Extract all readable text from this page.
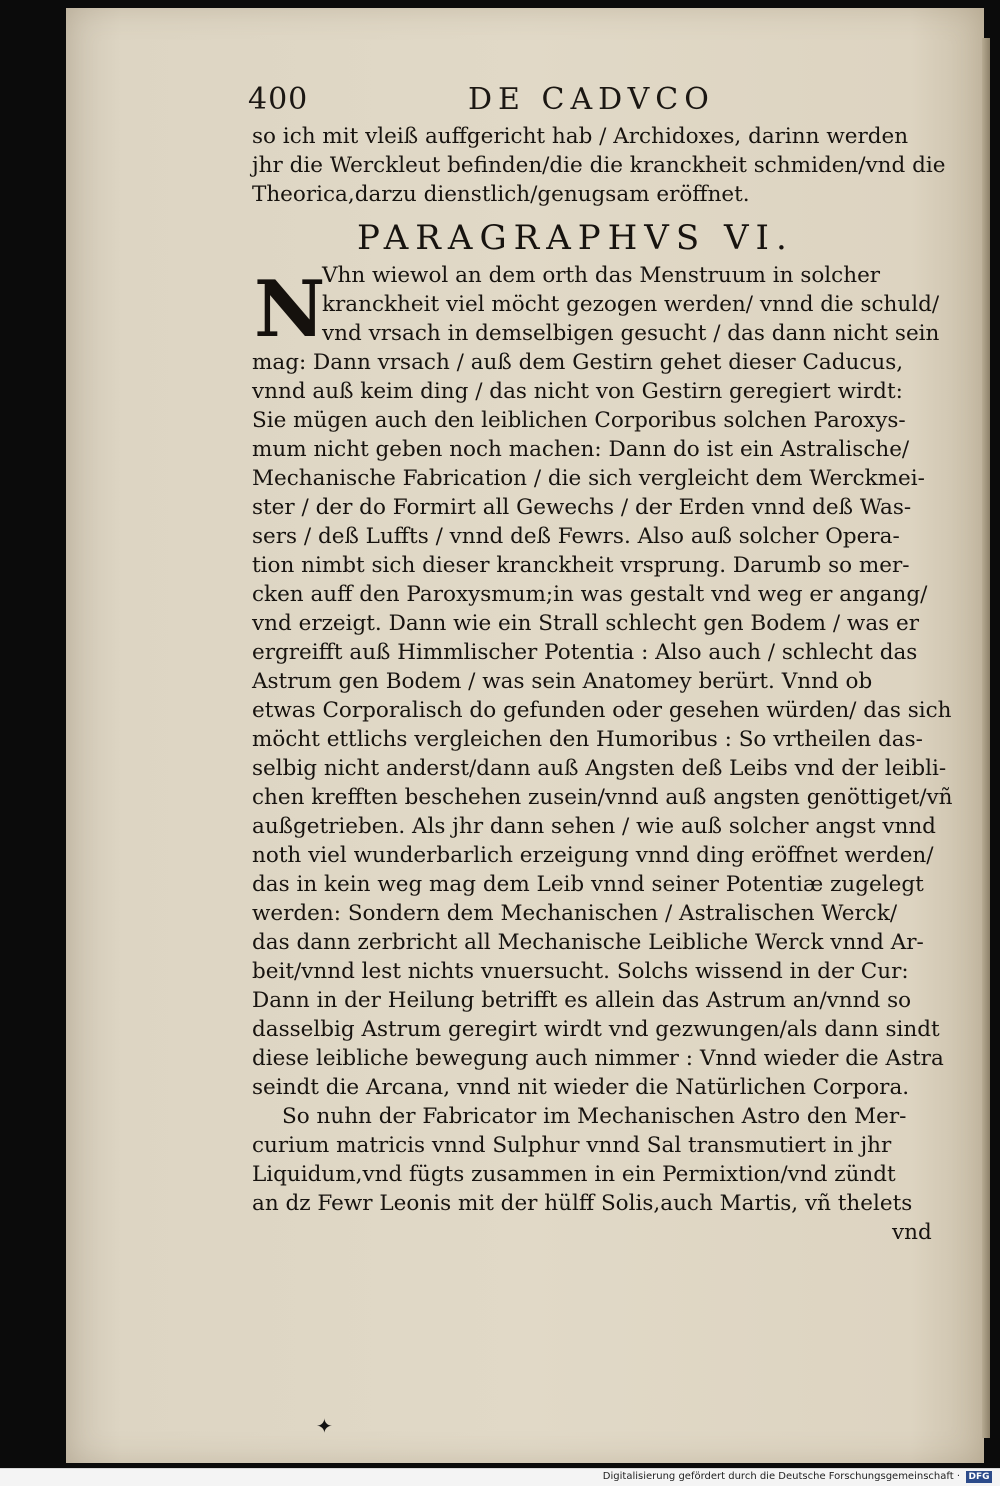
400	DE CADVCO
N
so ich mit vleiß auffgericht hab / Archidoxes, darinn werden
jhr die Werckleut befinden/die die kranckheit schmiden/vnd die
Theorica,darzu dienstlich/genugsam eröffnet.
PARAGRAPHVS VI.
Vhn wiewol an dem orth das Menstruum in solcher
kranckheit viel möcht gezogen werden/ vnnd die schuld/
vnd vrsach in demselbigen gesucht / das dann nicht sein
mag: Dann vrsach / auß dem Gestirn gehet dieser Caducus,
vnnd auß keim ding / das nicht von Gestirn geregiert wirdt:
Sie mügen auch den leiblichen Corporibus solchen Paroxys-
mum nicht geben noch machen: Dann do ist ein Astralische/
Mechanische Fabrication / die sich vergleicht dem Werckmei-
ster / der do Formirt all Gewechs / der Erden vnnd deß Was-
sers / deß Luffts / vnnd deß Fewrs. Also auß solcher Opera-
tion nimbt sich dieser kranckheit vrsprung. Darumb so mer-
cken auff den Paroxysmum;in was gestalt vnd weg er angang/
vnd erzeigt. Dann wie ein Strall schlecht gen Bodem / was er
ergreifft auß Himmlischer Potentia : Also auch / schlecht das
Astrum gen Bodem / was sein Anatomey berürt. Vnnd ob
etwas Corporalisch do gefunden oder gesehen würden/ das sich
möcht ettlichs vergleichen den Humoribus : So vrtheilen das-
selbig nicht anderst/dann auß Angsten deß Leibs vnd der leibli-
chen krefften beschehen zusein/vnnd auß angsten genöttiget/vñ
außgetrieben. Als jhr dann sehen / wie auß solcher angst vnnd
noth viel wunderbarlich erzeigung vnnd ding eröffnet werden/
das in kein weg mag dem Leib vnnd seiner Potentiæ zugelegt
werden: Sondern dem Mechanischen / Astralischen Werck/
das dann zerbricht all Mechanische Leibliche Werck vnnd Ar-
beit/vnnd lest nichts vnuersucht. Solchs wissend in der Cur:
Dann in der Heilung betrifft es allein das Astrum an/vnnd so
dasselbig Astrum geregirt wirdt vnd gezwungen/als dann sindt
diese leibliche bewegung auch nimmer : Vnnd wieder die Astra
seindt die Arcana, vnnd nit wieder die Natürlichen Corpora.
So nuhn der Fabricator im Mechanischen Astro den Mer-
curium matricis vnnd Sulphur vnnd Sal transmutiert in jhr
Liquidum,vnd fügts zusammen in ein Permixtion/vnd zündt
an dz Fewr Leonis mit der hülff Solis,auch Martis, vñ thelets
vnd
✦
Digitalisierung gefördert durch die Deutsche Forschungsgemeinschaft · DFG
